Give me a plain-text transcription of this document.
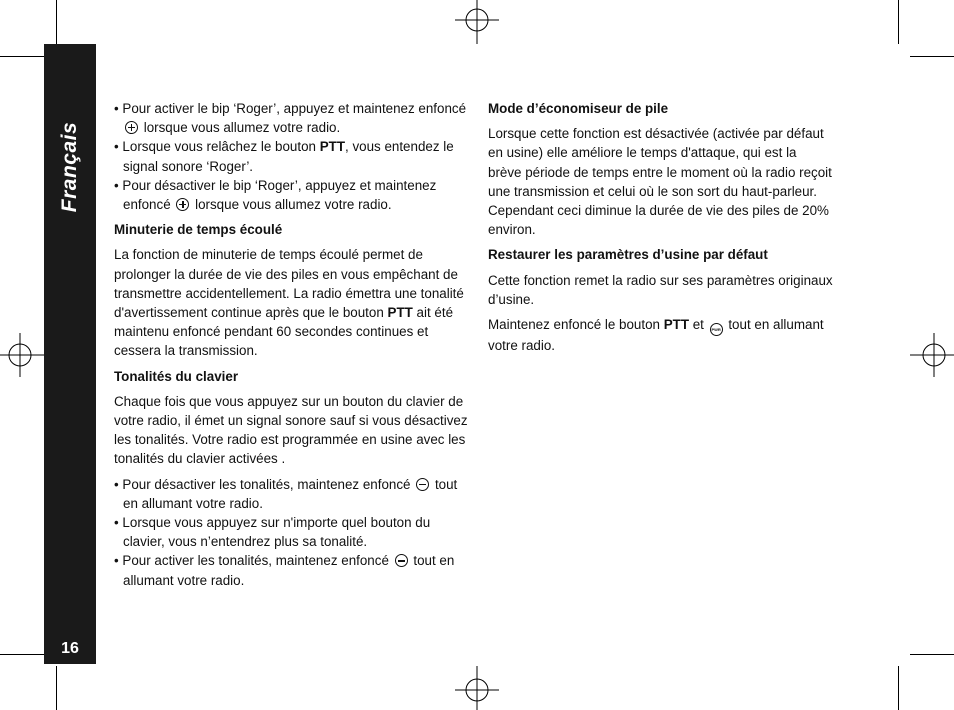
Français
16
• Pour activer le bip ‘Roger’, appuyez et maintenez enfoncé  lorsque vous allumez votre radio.
• Lorsque vous relâchez le bouton PTT, vous entendez le signal sonore ‘Roger’.
• Pour désactiver le bip ‘Roger’, appuyez et maintenez enfoncé  lorsque vous allumez votre radio.
Minuterie de temps écoulé

La fonction de minuterie de temps écoulé permet de prolonger la durée de vie des piles en vous empêchant de transmettre accidentellement. La radio émettra une tonalité d'avertissement continue après que le bouton PTT ait été maintenu enfoncé pendant 60 secondes continues et cessera la transmission.

Tonalités du clavier

Chaque fois que vous appuyez sur un bouton du clavier de votre radio, il émet un signal sonore sauf si vous désactivez les tonalités. Votre radio est programmée en usine avec les tonalités du clavier activées .

• Pour désactiver les tonalités, maintenez enfoncé  tout en allumant votre radio.
• Lorsque vous appuyez sur n'importe quel bouton du clavier, vous n’entendrez plus sa tonalité.
• Pour activer les tonalités, maintenez enfoncé  tout en allumant votre radio.
Mode d’économiseur de pile

Lorsque cette fonction est désactivée (activée par défaut en usine) elle améliore le temps d'attaque, qui est la brève période de temps entre le moment où la radio reçoit une transmission et celui où le son sort du haut-parleur. Cependant ceci diminue la durée de vie des piles de 20% environ.

Restaurer les paramètres d’usine par défaut

Cette fonction remet la radio sur ses paramètres originaux d’usine.

Maintenez enfoncé le bouton PTT et PWR tout en allumant votre radio.
